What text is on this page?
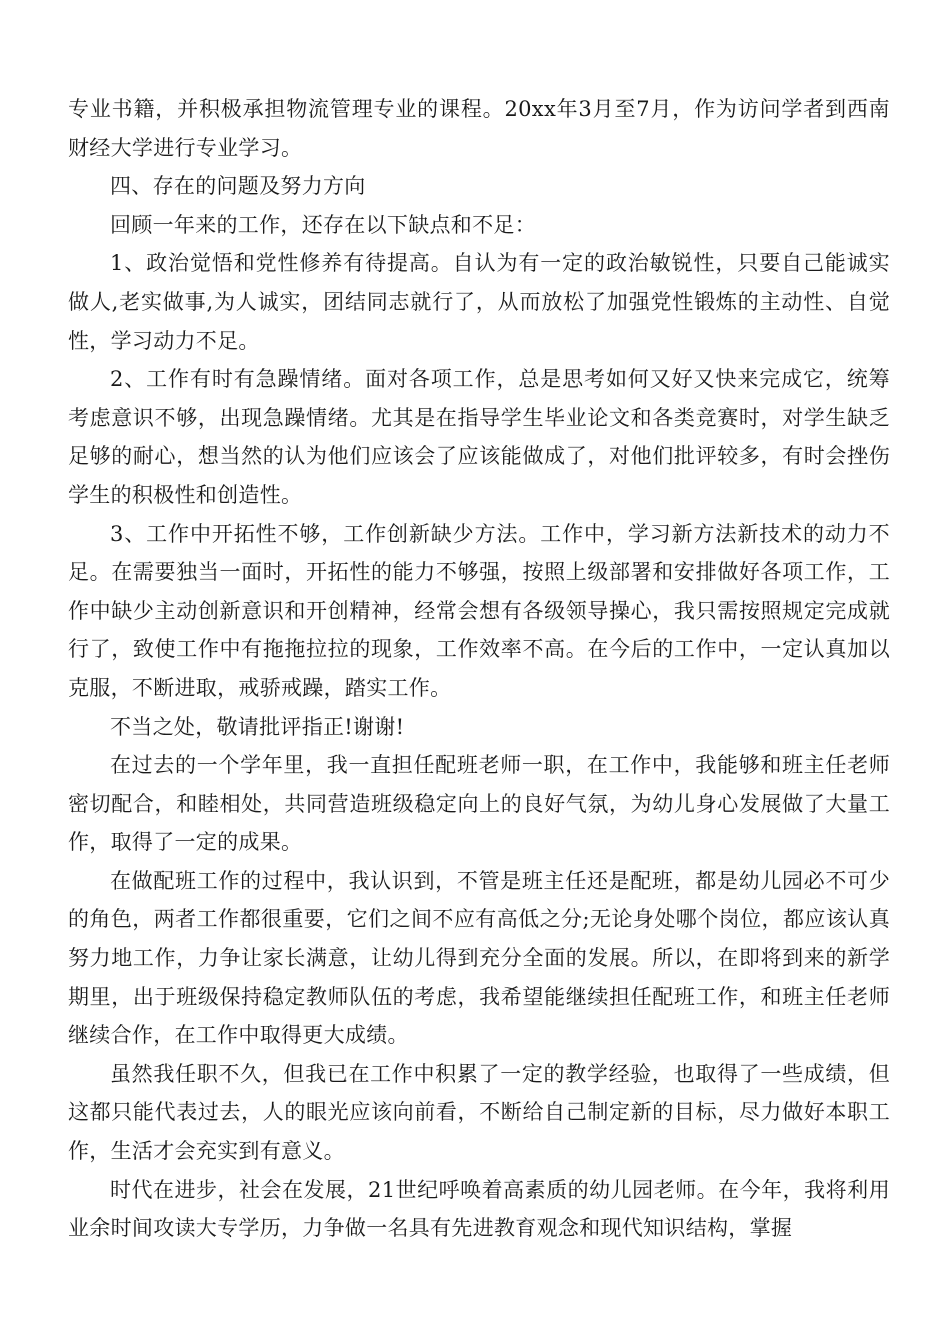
专业书籍，并积极承担物流管理专业的课程。20xx年3月至7月，作为访问学者到西南财经大学进行专业学习。

四、存在的问题及努力方向

回顾一年来的工作，还存在以下缺点和不足：

1、政治觉悟和党性修养有待提高。自认为有一定的政治敏锐性，只要自己能诚实做人,老实做事,为人诚实，团结同志就行了，从而放松了加强党性锻炼的主动性、自觉性，学习动力不足。

2、工作有时有急躁情绪。面对各项工作，总是思考如何又好又快来完成它，统筹考虑意识不够，出现急躁情绪。尤其是在指导学生毕业论文和各类竞赛时，对学生缺乏足够的耐心，想当然的认为他们应该会了应该能做成了，对他们批评较多，有时会挫伤学生的积极性和创造性。

3、工作中开拓性不够，工作创新缺少方法。工作中，学习新方法新技术的动力不足。在需要独当一面时，开拓性的能力不够强，按照上级部署和安排做好各项工作，工作中缺少主动创新意识和开创精神，经常会想有各级领导操心，我只需按照规定完成就行了，致使工作中有拖拖拉拉的现象，工作效率不高。在今后的工作中，一定认真加以克服，不断进取，戒骄戒躁，踏实工作。

不当之处，敬请批评指正!谢谢!

在过去的一个学年里，我一直担任配班老师一职，在工作中，我能够和班主任老师密切配合，和睦相处，共同营造班级稳定向上的良好气氛，为幼儿身心发展做了大量工作，取得了一定的成果。

在做配班工作的过程中，我认识到，不管是班主任还是配班，都是幼儿园必不可少的角色，两者工作都很重要，它们之间不应有高低之分;无论身处哪个岗位，都应该认真努力地工作，力争让家长满意，让幼儿得到充分全面的发展。所以，在即将到来的新学期里，出于班级保持稳定教师队伍的考虑，我希望能继续担任配班工作，和班主任老师继续合作，在工作中取得更大成绩。

虽然我任职不久，但我已在工作中积累了一定的教学经验，也取得了一些成绩，但这都只能代表过去，人的眼光应该向前看，不断给自己制定新的目标，尽力做好本职工作，生活才会充实到有意义。

时代在进步，社会在发展，21世纪呼唤着高素质的幼儿园老师。在今年，我将利用业余时间攻读大专学历，力争做一名具有先进教育观念和现代知识结构，掌握
